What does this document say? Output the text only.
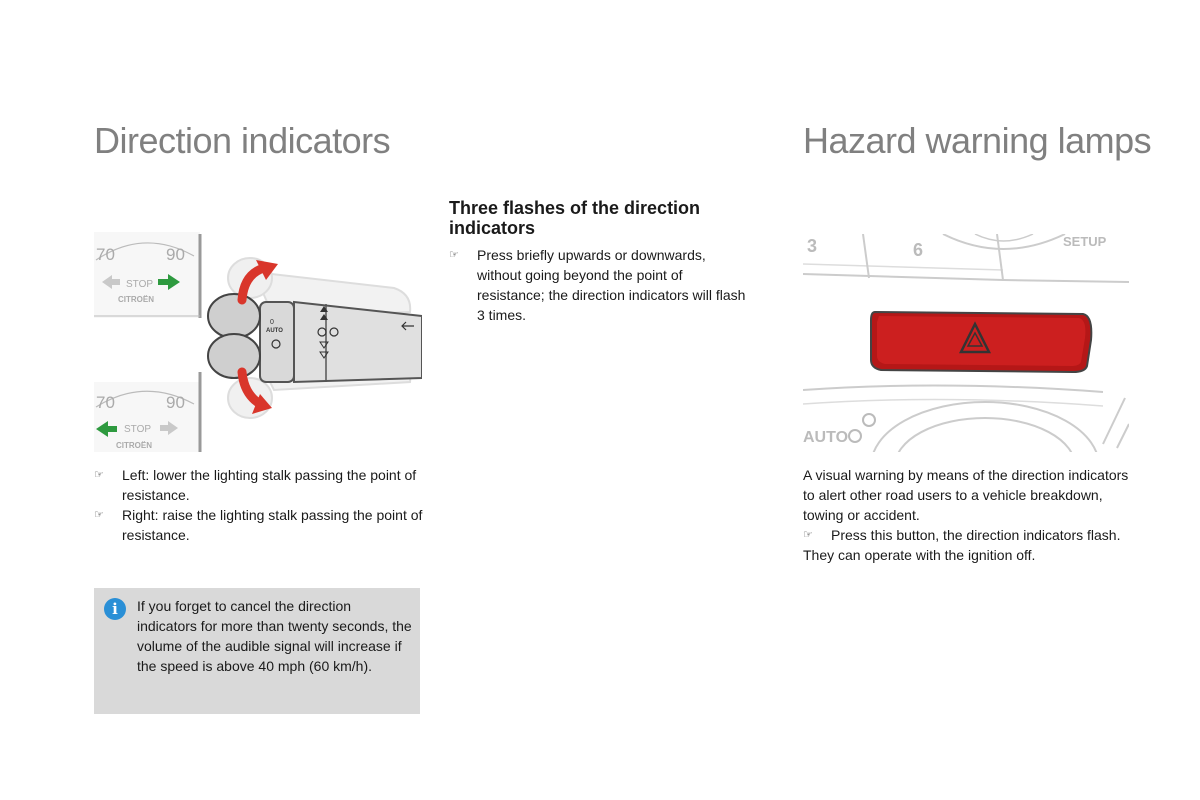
Direction indicators
70	90
STOP
CITROËN
70	90
STOP
CITROËN
0
AUTO
☞ Left: lower the lighting stalk passing the point of resistance.
☞ Right: raise the lighting stalk passing the point of resistance.
i	If you forget to cancel the direction indicators for more than twenty seconds, the volume of the audible signal will increase if the speed is above 40 mph (60 km/h).
Three flashes of the direction indicators
☞ Press briefly upwards or downwards, without going beyond the point of resistance; the direction indicators will flash 3 times.
Hazard warning lamps
3	6	SETUP
AUTO
A visual warning by means of the direction indicators to alert other road users to a vehicle breakdown, towing or accident.
☞ Press this button, the direction indicators flash.
They can operate with the ignition off.
